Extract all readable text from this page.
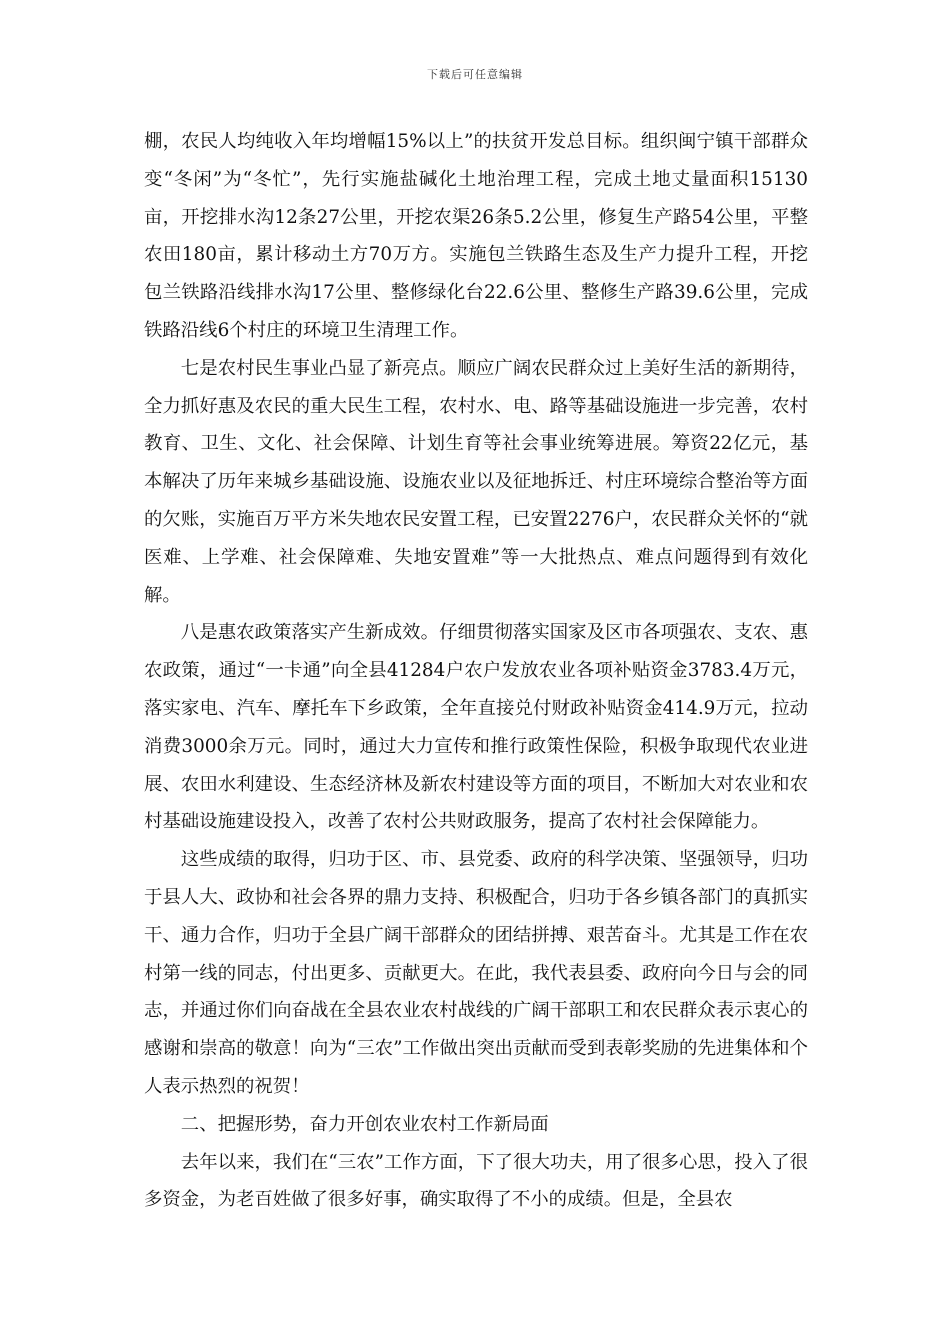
下载后可任意编辑

棚，农民人均纯收入年均增幅15%以上”的扶贫开发总目标。组织闽宁镇干部群众变“冬闲”为“冬忙”，先行实施盐碱化土地治理工程，完成土地丈量面积15130亩，开挖排水沟12条27公里，开挖农渠26条5.2公里，修复生产路54公里，平整农田180亩，累计移动土方70万方。实施包兰铁路生态及生产力提升工程，开挖包兰铁路沿线排水沟17公里、整修绿化台22.6公里、整修生产路39.6公里，完成铁路沿线6个村庄的环境卫生清理工作。

七是农村民生事业凸显了新亮点。顺应广阔农民群众过上美好生活的新期待，全力抓好惠及农民的重大民生工程，农村水、电、路等基础设施进一步完善，农村教育、卫生、文化、社会保障、计划生育等社会事业统筹进展。筹资22亿元，基本解决了历年来城乡基础设施、设施农业以及征地拆迁、村庄环境综合整治等方面的欠账，实施百万平方米失地农民安置工程，已安置2276户，农民群众关怀的“就医难、上学难、社会保障难、失地安置难”等一大批热点、难点问题得到有效化解。

八是惠农政策落实产生新成效。仔细贯彻落实国家及区市各项强农、支农、惠农政策，通过“一卡通”向全县41284户农户发放农业各项补贴资金3783.4万元，落实家电、汽车、摩托车下乡政策，全年直接兑付财政补贴资金414.9万元，拉动消费3000余万元。同时，通过大力宣传和推行政策性保险，积极争取现代农业进展、农田水利建设、生态经济林及新农村建设等方面的项目，不断加大对农业和农村基础设施建设投入，改善了农村公共财政服务，提高了农村社会保障能力。

这些成绩的取得，归功于区、市、县党委、政府的科学决策、坚强领导，归功于县人大、政协和社会各界的鼎力支持、积极配合，归功于各乡镇各部门的真抓实干、通力合作，归功于全县广阔干部群众的团结拼搏、艰苦奋斗。尤其是工作在农村第一线的同志，付出更多、贡献更大。在此，我代表县委、政府向今日与会的同志，并通过你们向奋战在全县农业农村战线的广阔干部职工和农民群众表示衷心的感谢和崇高的敬意！向为“三农”工作做出突出贡献而受到表彰奖励的先进集体和个人表示热烈的祝贺！

二、把握形势，奋力开创农业农村工作新局面

去年以来，我们在“三农”工作方面，下了很大功夫，用了很多心思，投入了很多资金，为老百姓做了很多好事，确实取得了不小的成绩。但是，全县农
